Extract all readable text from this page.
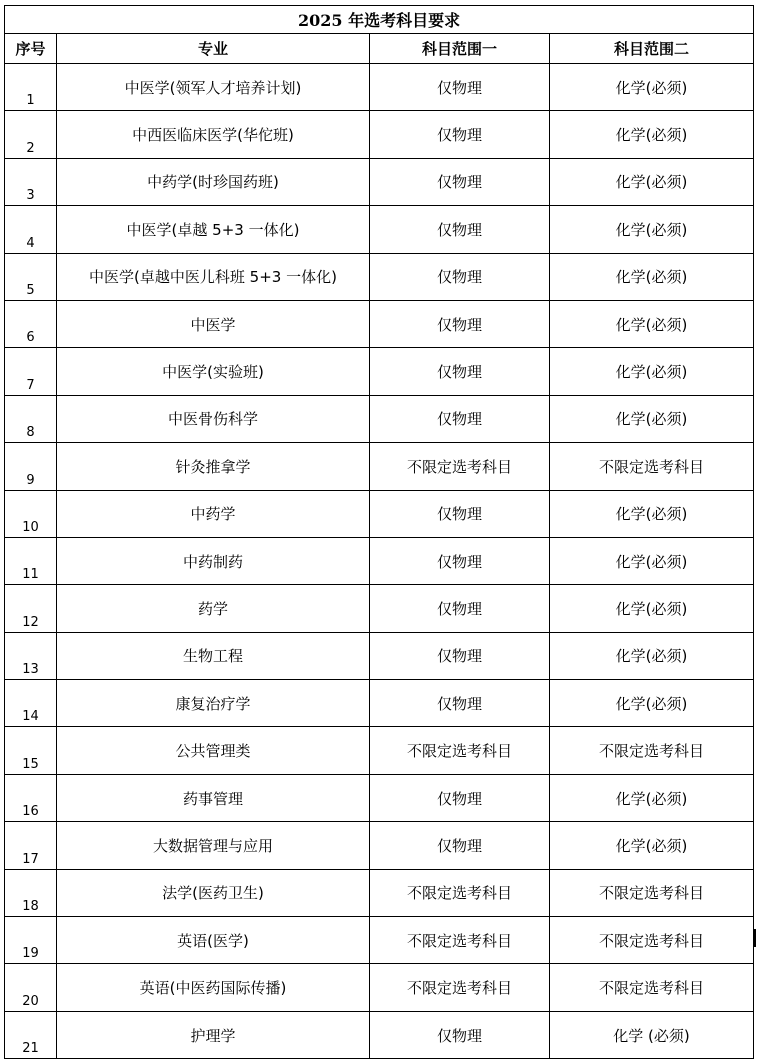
2025 年选考科目要求			
序号	专业	科目范围一	科目范围二
1	中医学(领军人才培养计划)	仅物理	化学(必须)
2	中西医临床医学(华佗班)	仅物理	化学(必须)
3	中药学(时珍国药班)	仅物理	化学(必须)
4	中医学(卓越 5+3 一体化)	仅物理	化学(必须)
5	中医学(卓越中医儿科班 5+3 一体化)	仅物理	化学(必须)
6	中医学	仅物理	化学(必须)
7	中医学(实验班)	仅物理	化学(必须)
8	中医骨伤科学	仅物理	化学(必须)
9	针灸推拿学	不限定选考科目	不限定选考科目
10	中药学	仅物理	化学(必须)
11	中药制药	仅物理	化学(必须)
12	药学	仅物理	化学(必须)
13	生物工程	仅物理	化学(必须)
14	康复治疗学	仅物理	化学(必须)
15	公共管理类	不限定选考科目	不限定选考科目
16	药事管理	仅物理	化学(必须)
17	大数据管理与应用	仅物理	化学(必须)
18	法学(医药卫生)	不限定选考科目	不限定选考科目
19	英语(医学)	不限定选考科目	不限定选考科目
20	英语(中医药国际传播)	不限定选考科目	不限定选考科目
21	护理学	仅物理	化学 (必须)
